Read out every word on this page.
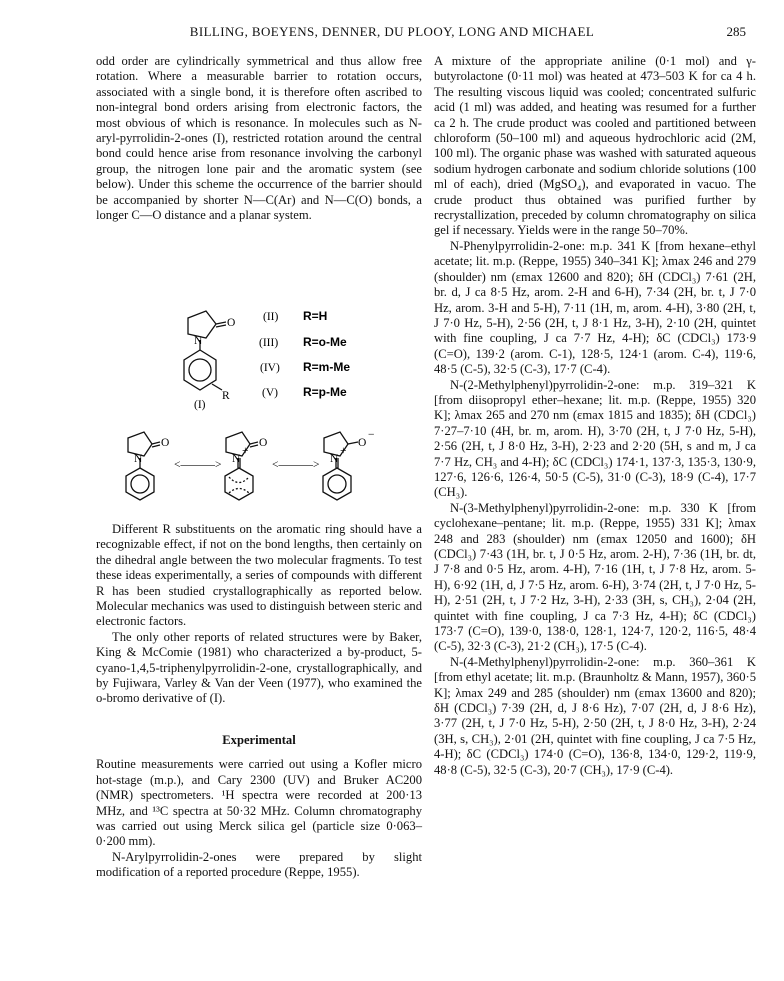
BILLING, BOEYENS, DENNER, DU PLOOY, LONG AND MICHAEL	285

odd order are cylindrically symmetrical and thus allow free rotation. Where a measurable barrier to rotation occurs, associated with a single bond, it is therefore often ascribed to non-integral bond orders arising from electronic factors, the most obvious of which is resonance. In molecules such as N-aryl-pyrrolidin-2-ones (I), restricted rotation around the central bond could hence arise from resonance involving the carbonyl group, the nitrogen lone pair and the aromatic system (see below). Under this scheme the occurrence of the barrier should be accompanied by shorter N—C(Ar) and N—C(O) bonds, a longer C—O distance and a planar system.

N
O
R
(I)
(II) R=H
(III) R=o-Me
(IV) R=m-Me
(V) R=p-Me
N
O
<———> N
+
O
<———> N
+
O
−

Different R substituents on the aromatic ring should have a recognizable effect, if not on the bond lengths, then certainly on the dihedral angle between the two molecular fragments. To test these ideas experimentally, a series of compounds with different R has been studied crystallographically as reported below. Molecular mechanics was used to distinguish between steric and electronic factors.

The only other reports of related structures were by Baker, King & McComie (1981) who characterized a by-product, 5-cyano-1,4,5-triphenylpyrrolidin-2-one, crystallographically, and by Fujiwara, Varley & Van der Veen (1977), who examined the o-bromo derivative of (I).

Experimental

Routine measurements were carried out using a Kofler micro hot-stage (m.p.), and Cary 2300 (UV) and Bruker AC200 (NMR) spectrometers. ¹H spectra were recorded at 200·13 MHz, and ¹³C spectra at 50·32 MHz. Column chromatography was carried out using Merck silica gel (particle size 0·063–0·200 mm).

N-Arylpyrrolidin-2-ones were prepared by slight modification of a reported procedure (Reppe, 1955).

A mixture of the appropriate aniline (0·1 mol) and γ-butyrolactone (0·11 mol) was heated at 473–503 K for ca 4 h. The resulting viscous liquid was cooled; concentrated sulfuric acid (1 ml) was added, and heating was resumed for a further ca 2 h. The crude product was cooled and partitioned between chloroform (50–100 ml) and aqueous hydrochloric acid (2M, 100 ml). The organic phase was washed with saturated aqueous sodium hydrogen carbonate and sodium chloride solutions (100 ml of each), dried (MgSO₄), and evaporated in vacuo. The crude product thus obtained was purified further by recrystallization, preceded by column chromatography on silica gel if necessary. Yields were in the range 50–70%.

N-Phenylpyrrolidin-2-one: m.p. 341 K [from hexane–ethyl acetate; lit. m.p. (Reppe, 1955) 340–341 K]; λmax 246 and 279 (shoulder) nm (εmax 12600 and 820); δH (CDCl₃) 7·61 (2H, br. d, J ca 8·5 Hz, arom. 2-H and 6-H), 7·34 (2H, br. t, J 7·0 Hz, arom. 3-H and 5-H), 7·11 (1H, m, arom. 4-H), 3·80 (2H, t, J 7·0 Hz, 5-H), 2·56 (2H, t, J 8·1 Hz, 3-H), 2·10 (2H, quintet with fine coupling, J ca 7·7 Hz, 4-H); δC (CDCl₃) 173·9 (C=O), 139·2 (arom. C-1), 128·5, 124·1 (arom. C-4), 119·6, 48·5 (C-5), 32·5 (C-3), 17·7 (C-4).

N-(2-Methylphenyl)pyrrolidin-2-one: m.p. 319–321 K [from diisopropyl ether–hexane; lit. m.p. (Reppe, 1955) 320 K]; λmax 265 and 270 nm (εmax 1815 and 1835); δH (CDCl₃) 7·27–7·10 (4H, br. m, arom. H), 3·70 (2H, t, J 7·0 Hz, 5-H), 2·56 (2H, t, J 8·0 Hz, 3-H), 2·23 and 2·20 (5H, s and m, J ca 7·7 Hz, CH₃ and 4-H); δC (CDCl₃) 174·1, 137·3, 135·3, 130·9, 127·6, 126·6, 126·4, 50·5 (C-5), 31·0 (C-3), 18·9 (C-4), 17·7 (CH₃).

N-(3-Methylphenyl)pyrrolidin-2-one: m.p. 330 K [from cyclohexane–pentane; lit. m.p. (Reppe, 1955) 331 K]; λmax 248 and 283 (shoulder) nm (εmax 12050 and 1600); δH (CDCl₃) 7·43 (1H, br. t, J 0·5 Hz, arom. 2-H), 7·36 (1H, br. dt, J 7·8 and 0·5 Hz, arom. 4-H), 7·16 (1H, t, J 7·8 Hz, arom. 5-H), 6·92 (1H, d, J 7·5 Hz, arom. 6-H), 3·74 (2H, t, J 7·0 Hz, 5-H), 2·51 (2H, t, J 7·2 Hz, 3-H), 2·33 (3H, s, CH₃), 2·04 (2H, quintet with fine coupling, J ca 7·3 Hz, 4-H); δC (CDCl₃) 173·7 (C=O), 139·0, 138·0, 128·1, 124·7, 120·2, 116·5, 48·4 (C-5), 32·3 (C-3), 21·2 (CH₃), 17·5 (C-4).

N-(4-Methylphenyl)pyrrolidin-2-one: m.p. 360–361 K [from ethyl acetate; lit. m.p. (Braunholtz & Mann, 1957), 360·5 K]; λmax 249 and 285 (shoulder) nm (εmax 13600 and 820); δH (CDCl₃) 7·39 (2H, d, J 8·6 Hz), 7·07 (2H, d, J 8·6 Hz), 3·77 (2H, t, J 7·0 Hz, 5-H), 2·50 (2H, t, J 8·0 Hz, 3-H), 2·24 (3H, s, CH₃), 2·01 (2H, quintet with fine coupling, J ca 7·5 Hz, 4-H); δC (CDCl₃) 174·0 (C=O), 136·8, 134·0, 129·2, 119·9, 48·8 (C-5), 32·5 (C-3), 20·7 (CH₃), 17·9 (C-4).
